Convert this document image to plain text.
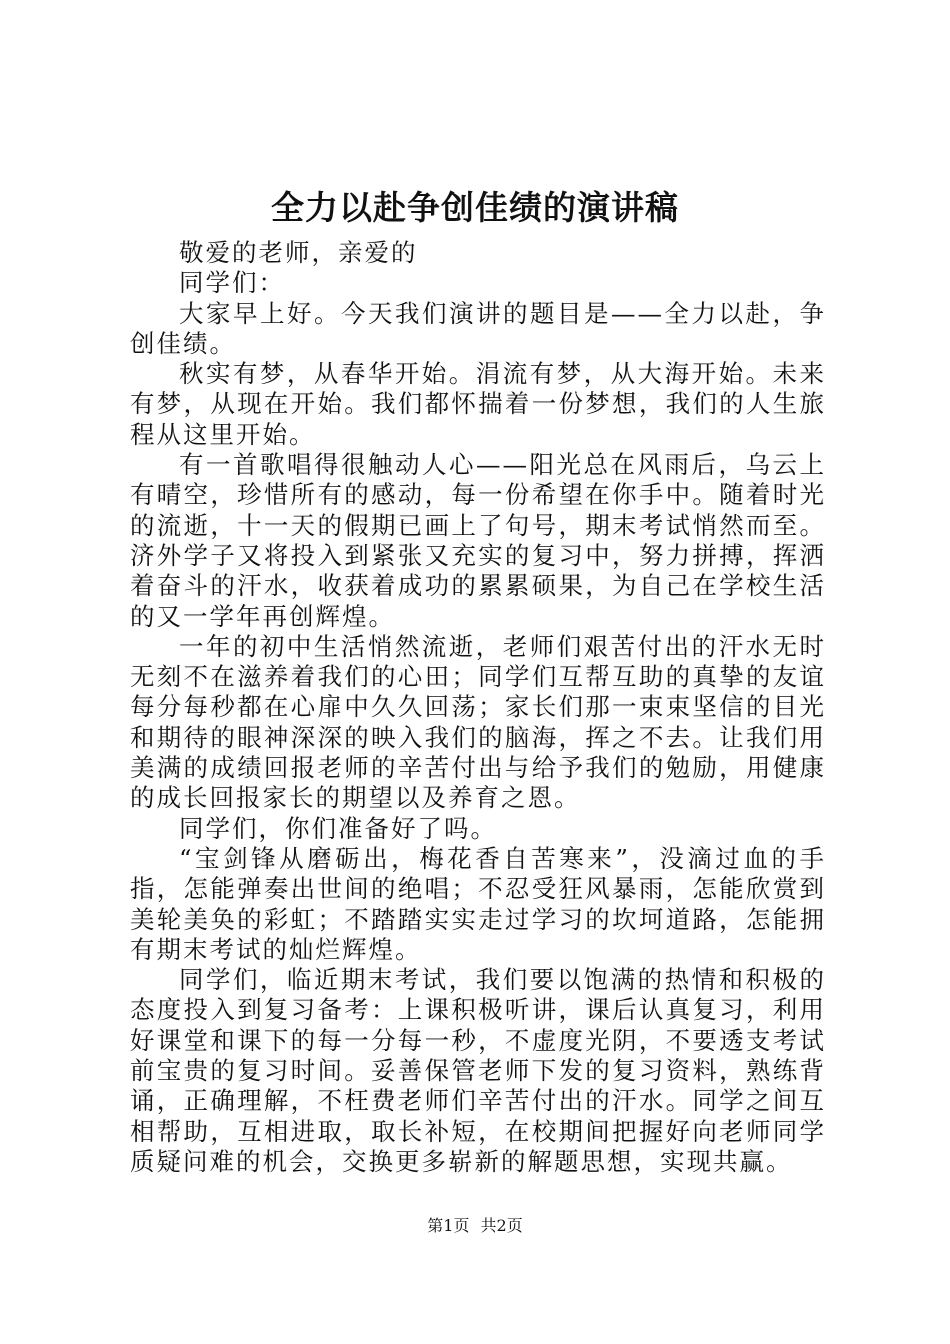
全力以赴争创佳绩的演讲稿

敬爱的老师，亲爱的

同学们：

大家早上好。今天我们演讲的题目是——全力以赴，争创佳绩。

秋实有梦，从春华开始。涓流有梦，从大海开始。未来有梦，从现在开始。我们都怀揣着一份梦想，我们的人生旅程从这里开始。

有一首歌唱得很触动人心——阳光总在风雨后，乌云上有晴空，珍惜所有的感动，每一份希望在你手中。随着时光的流逝，十一天的假期已画上了句号，期末考试悄然而至。济外学子又将投入到紧张又充实的复习中，努力拼搏，挥洒着奋斗的汗水，收获着成功的累累硕果，为自己在学校生活的又一学年再创辉煌。

一年的初中生活悄然流逝，老师们艰苦付出的汗水无时无刻不在滋养着我们的心田；同学们互帮互助的真挚的友谊每分每秒都在心扉中久久回荡；家长们那一束束坚信的目光和期待的眼神深深的映入我们的脑海，挥之不去。让我们用美满的成绩回报老师的辛苦付出与给予我们的勉励，用健康的成长回报家长的期望以及养育之恩。

同学们，你们准备好了吗。

“宝剑锋从磨砺出，梅花香自苦寒来”，没滴过血的手指，怎能弹奏出世间的绝唱；不忍受狂风暴雨，怎能欣赏到美轮美奂的彩虹；不踏踏实实走过学习的坎坷道路，怎能拥有期末考试的灿烂辉煌。

同学们，临近期末考试，我们要以饱满的热情和积极的态度投入到复习备考：上课积极听讲，课后认真复习，利用好课堂和课下的每一分每一秒，不虚度光阴，不要透支考试前宝贵的复习时间。妥善保管老师下发的复习资料，熟练背诵，正确理解，不枉费老师们辛苦付出的汗水。同学之间互相帮助，互相进取，取长补短，在校期间把握好向老师同学质疑问难的机会，交换更多崭新的解题思想，实现共赢。

第1页 共2页
